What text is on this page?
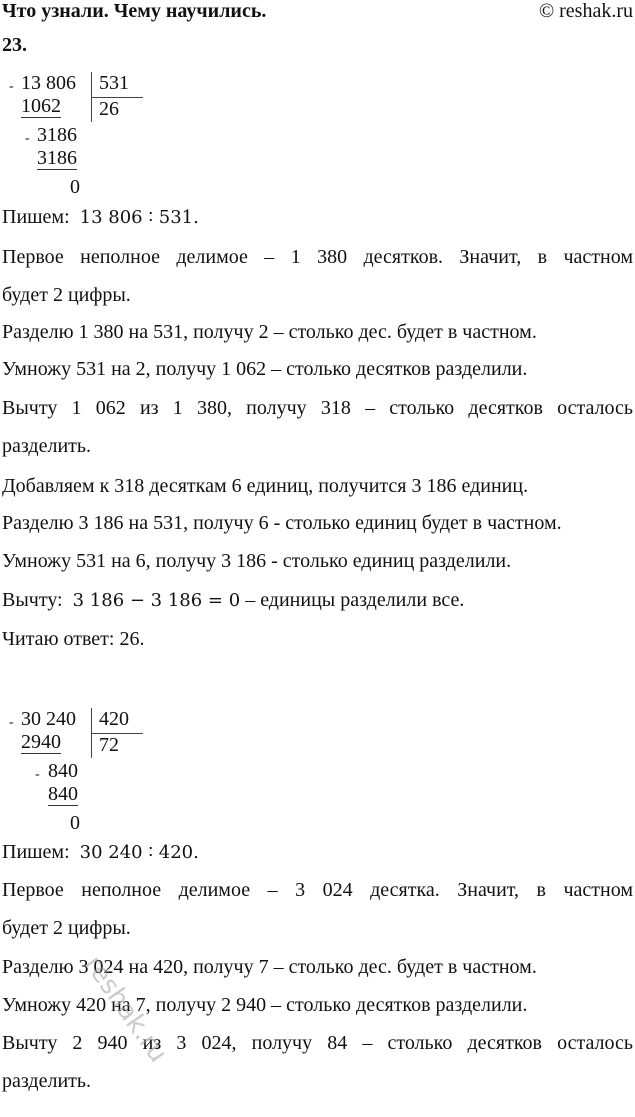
Что узнали. Чему научились.	© reshak.ru
23.
- 13 806 531
1062 26
- 3186
3186
0
Пишем: 13 806 ∶ 531.
Первое неполное делимое – 1 380 десятков. Значит, в частном
будет 2 цифры.
Разделю 1 380 на 531, получу 2 – столько дес. будет в частном.
Умножу 531 на 2, получу 1 062 – столько десятков разделили.
Вычту 1 062 из 1 380, получу 318 – столько десятков осталось
разделить.
Добавляем к 318 десяткам 6 единиц, получится 3 186 единиц.
Разделю 3 186 на 531, получу 6 - столько единиц будет в частном.
Умножу 531 на 6, получу 3 186 - столько единиц разделили.
Вычту: 3 186 − 3 186 = 0 – единицы разделили все.
Читаю ответ: 26.
- 30 240 420
2940 72
- 840
840
0
Пишем: 30 240 ∶ 420.
Первое неполное делимое – 3 024 десятка. Значит, в частном
будет 2 цифры.
Разделю 3 024 на 420, получу 7 – столько дес. будет в частном.
Умножу 420 на 7, получу 2 940 – столько десятков разделили.
Вычту 2 940 из 3 024, получу 84 – столько десятков осталось
разделить.
reshak.ru
